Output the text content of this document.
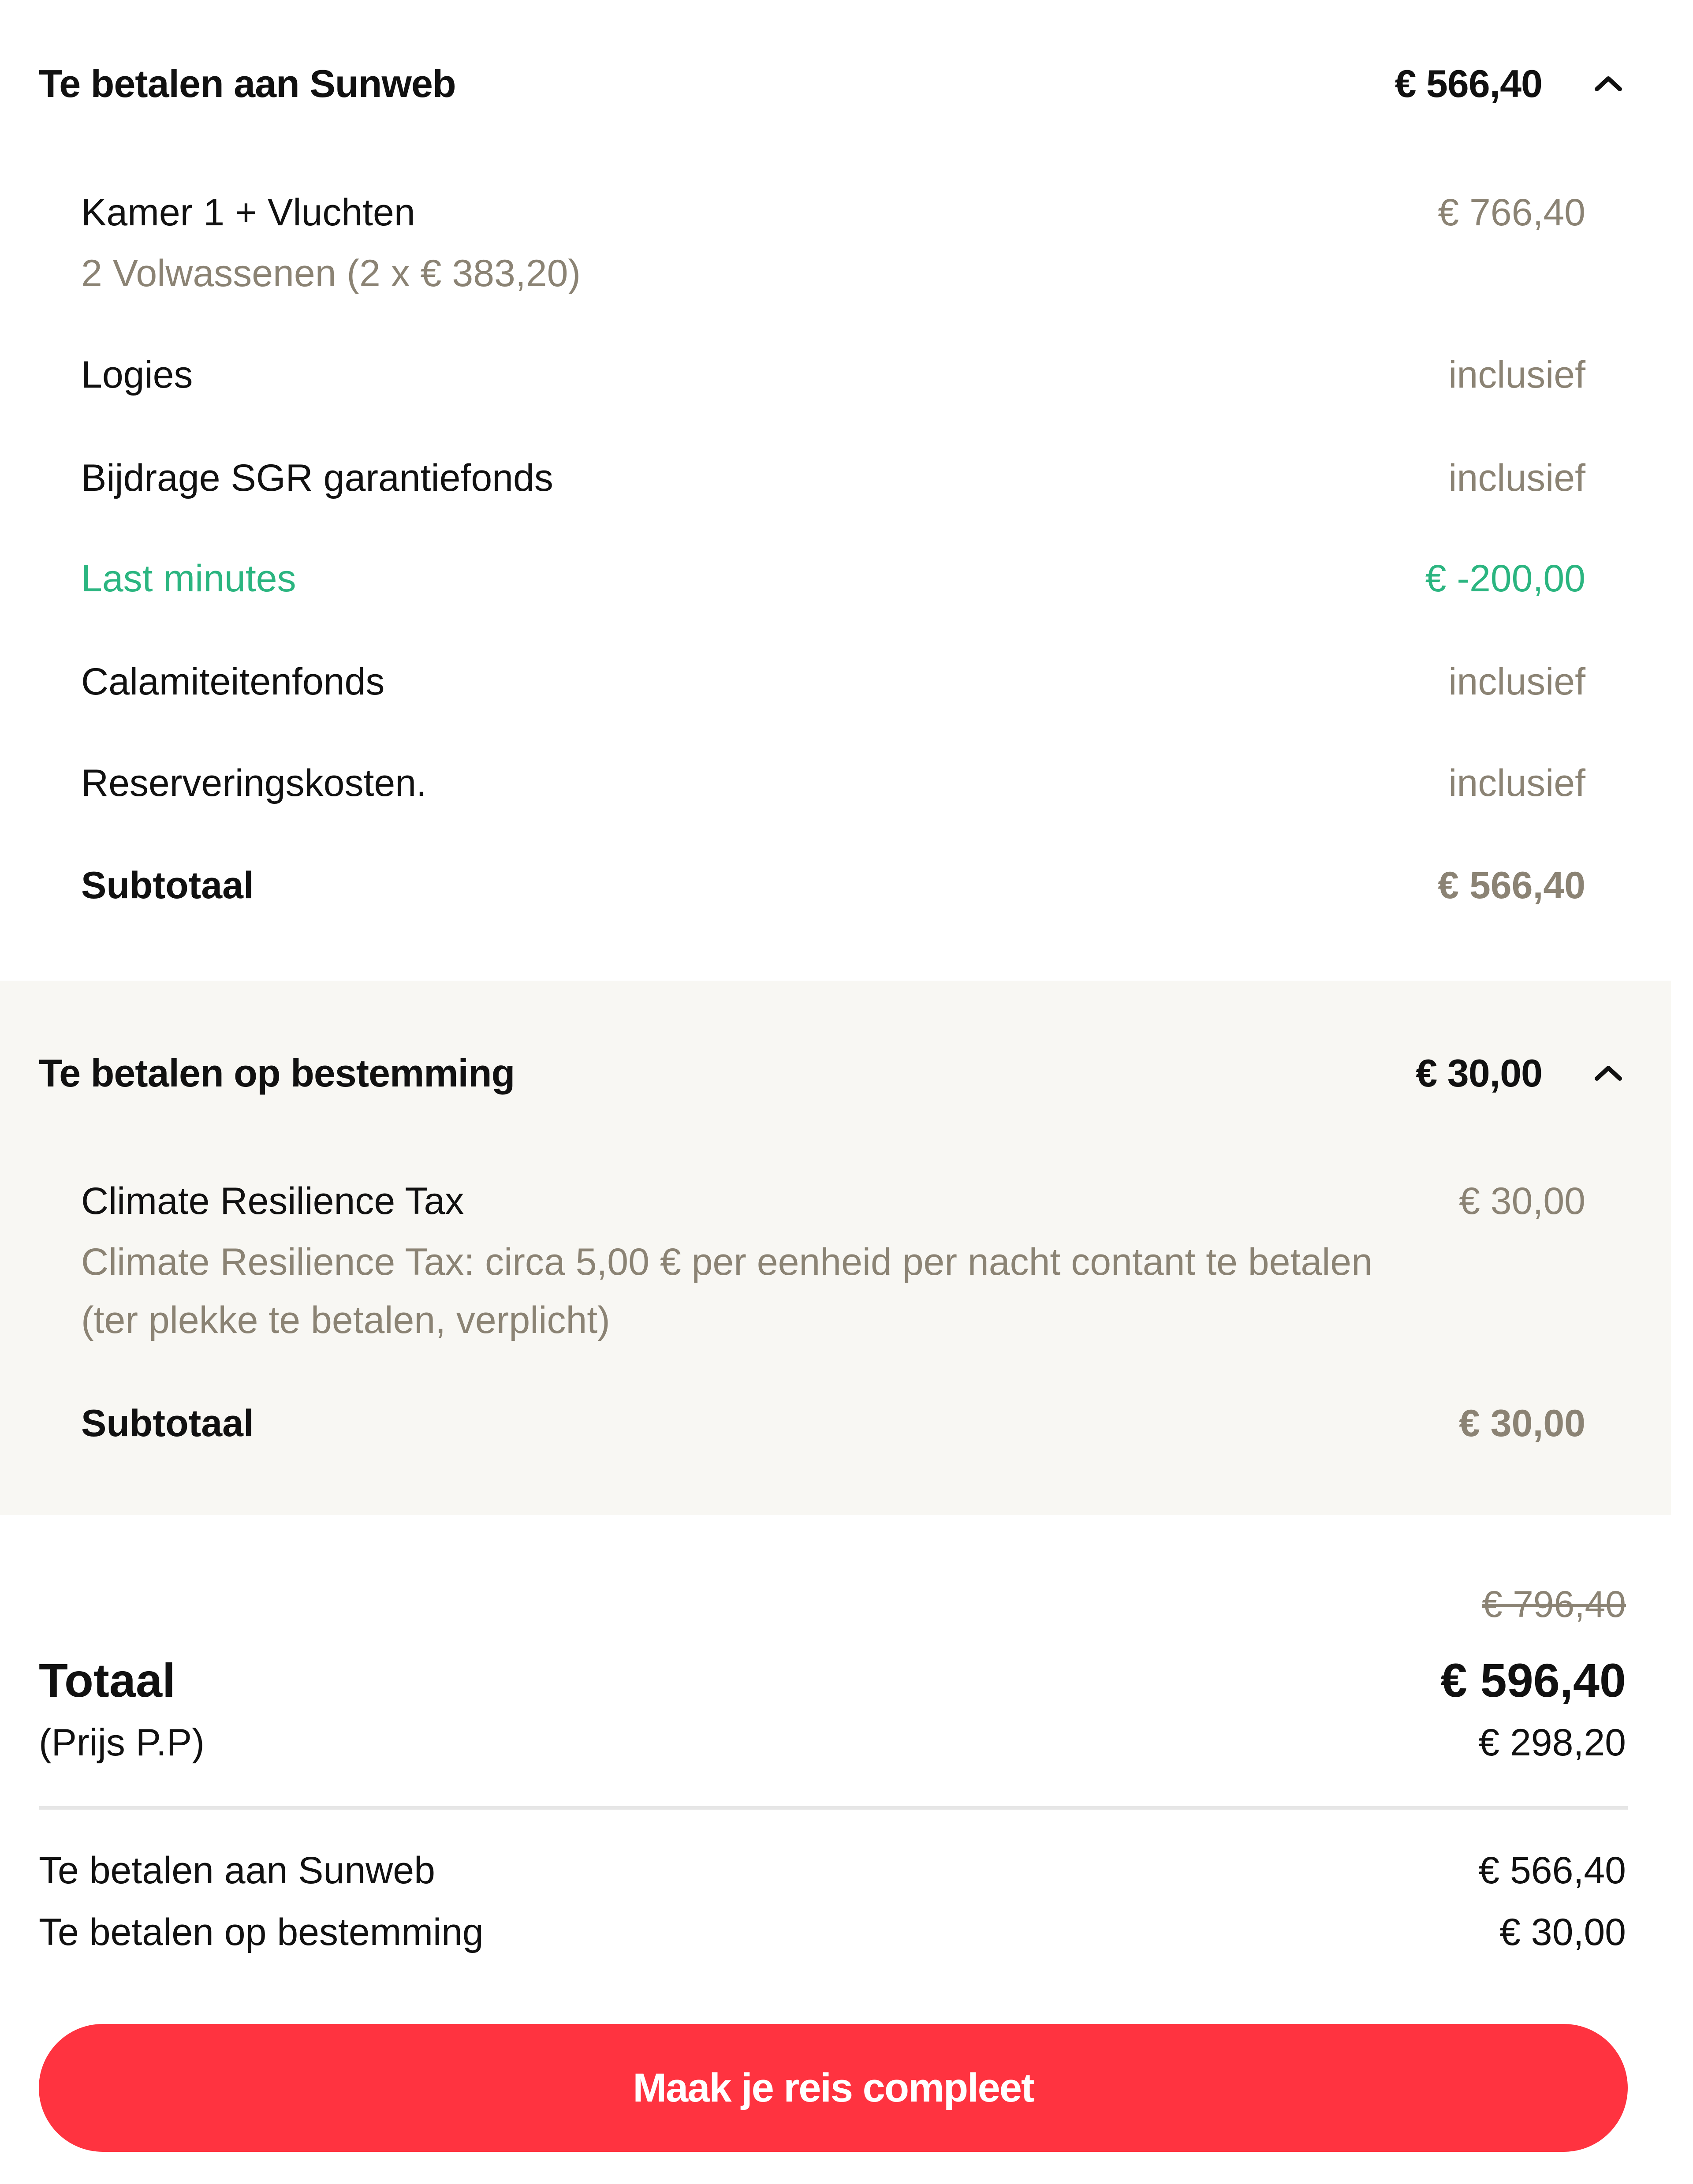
Te betalen aan Sunweb	€ 566,40
Kamer 1 + Vluchten	€ 766,40
2 Volwassenen (2 x € 383,20)
Logies	inclusief
Bijdrage SGR garantiefonds	inclusief
Last minutes	€ -200,00
Calamiteitenfonds	inclusief
Reserveringskosten.	inclusief
Subtotaal	€ 566,40
Te betalen op bestemming	€ 30,00
Climate Resilience Tax	€ 30,00
Climate Resilience Tax: circa 5,00 € per eenheid per nacht contant te betalen
(ter plekke te betalen, verplicht)
Subtotaal	€ 30,00
€ 796,40
Totaal	€ 596,40
(Prijs P.P)	€ 298,20
Te betalen aan Sunweb	€ 566,40
Te betalen op bestemming	€ 30,00
Maak je reis compleet
